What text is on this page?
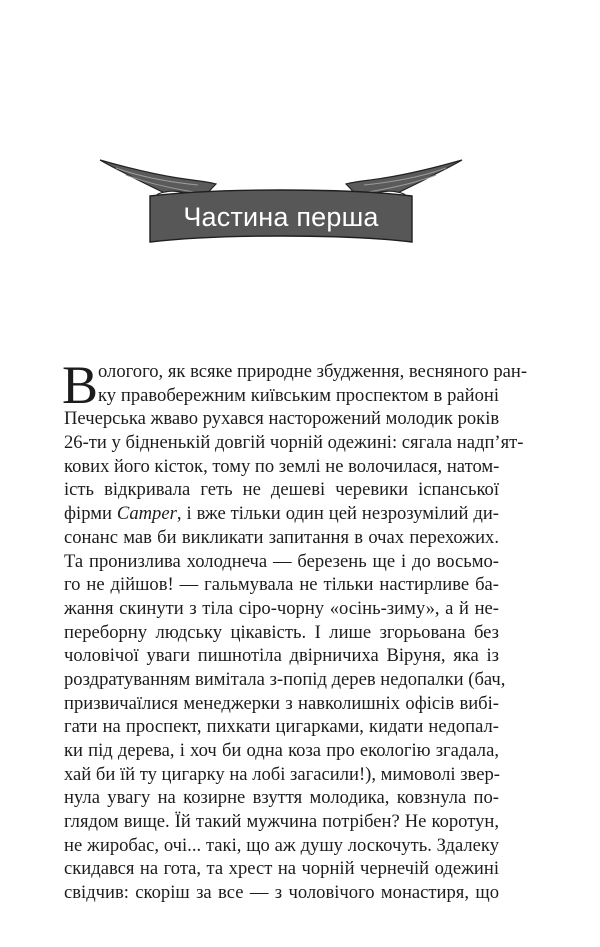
Частина перша
В ологого, як всяке природне збудження, весняного ран-
ку правобережним київським проспектом в районі
Печерська жваво рухався насторожений молодик років
26-ти у бідненькій довгій чорній одежині: сягала надп’ят-
кових його кісток, тому по землі не волочилася, натом-
ість відкривала геть не дешеві черевики іспанської
фірми Camper, і вже тільки один цей незрозумілий ди-
сонанс мав би викликати запитання в очах перехожих.
Та пронизлива холоднеча — березень ще і до восьмо-
го не дійшов! — гальмувала не тільки настирливе ба-
жання скинути з тіла сіро-чорну «осінь-зиму», а й не-
переборну людську цікавість. І лише згорьована без
чоловічої уваги пишнотіла двірничиха Віруня, яка із
роздратуванням вимітала з-попід дерев недопалки (бач,
призвичаїлися менеджерки з навколишніх офісів вибі-
гати на проспект, пихкати цигарками, кидати недопал-
ки під дерева, і хоч би одна коза про екологію згадала,
хай би їй ту цигарку на лобі загасили!), мимоволі звер-
нула увагу на козирне взуття молодика, ковзнула по-
глядом вище. Їй такий мужчина потрібен? Не коротун,
не жиробас, очі... такі, що аж душу лоскочуть. Здалеку
скидався на гота, та хрест на чорній чернечій одежині
свідчив: скоріш за все — з чоловічого монастиря, що
